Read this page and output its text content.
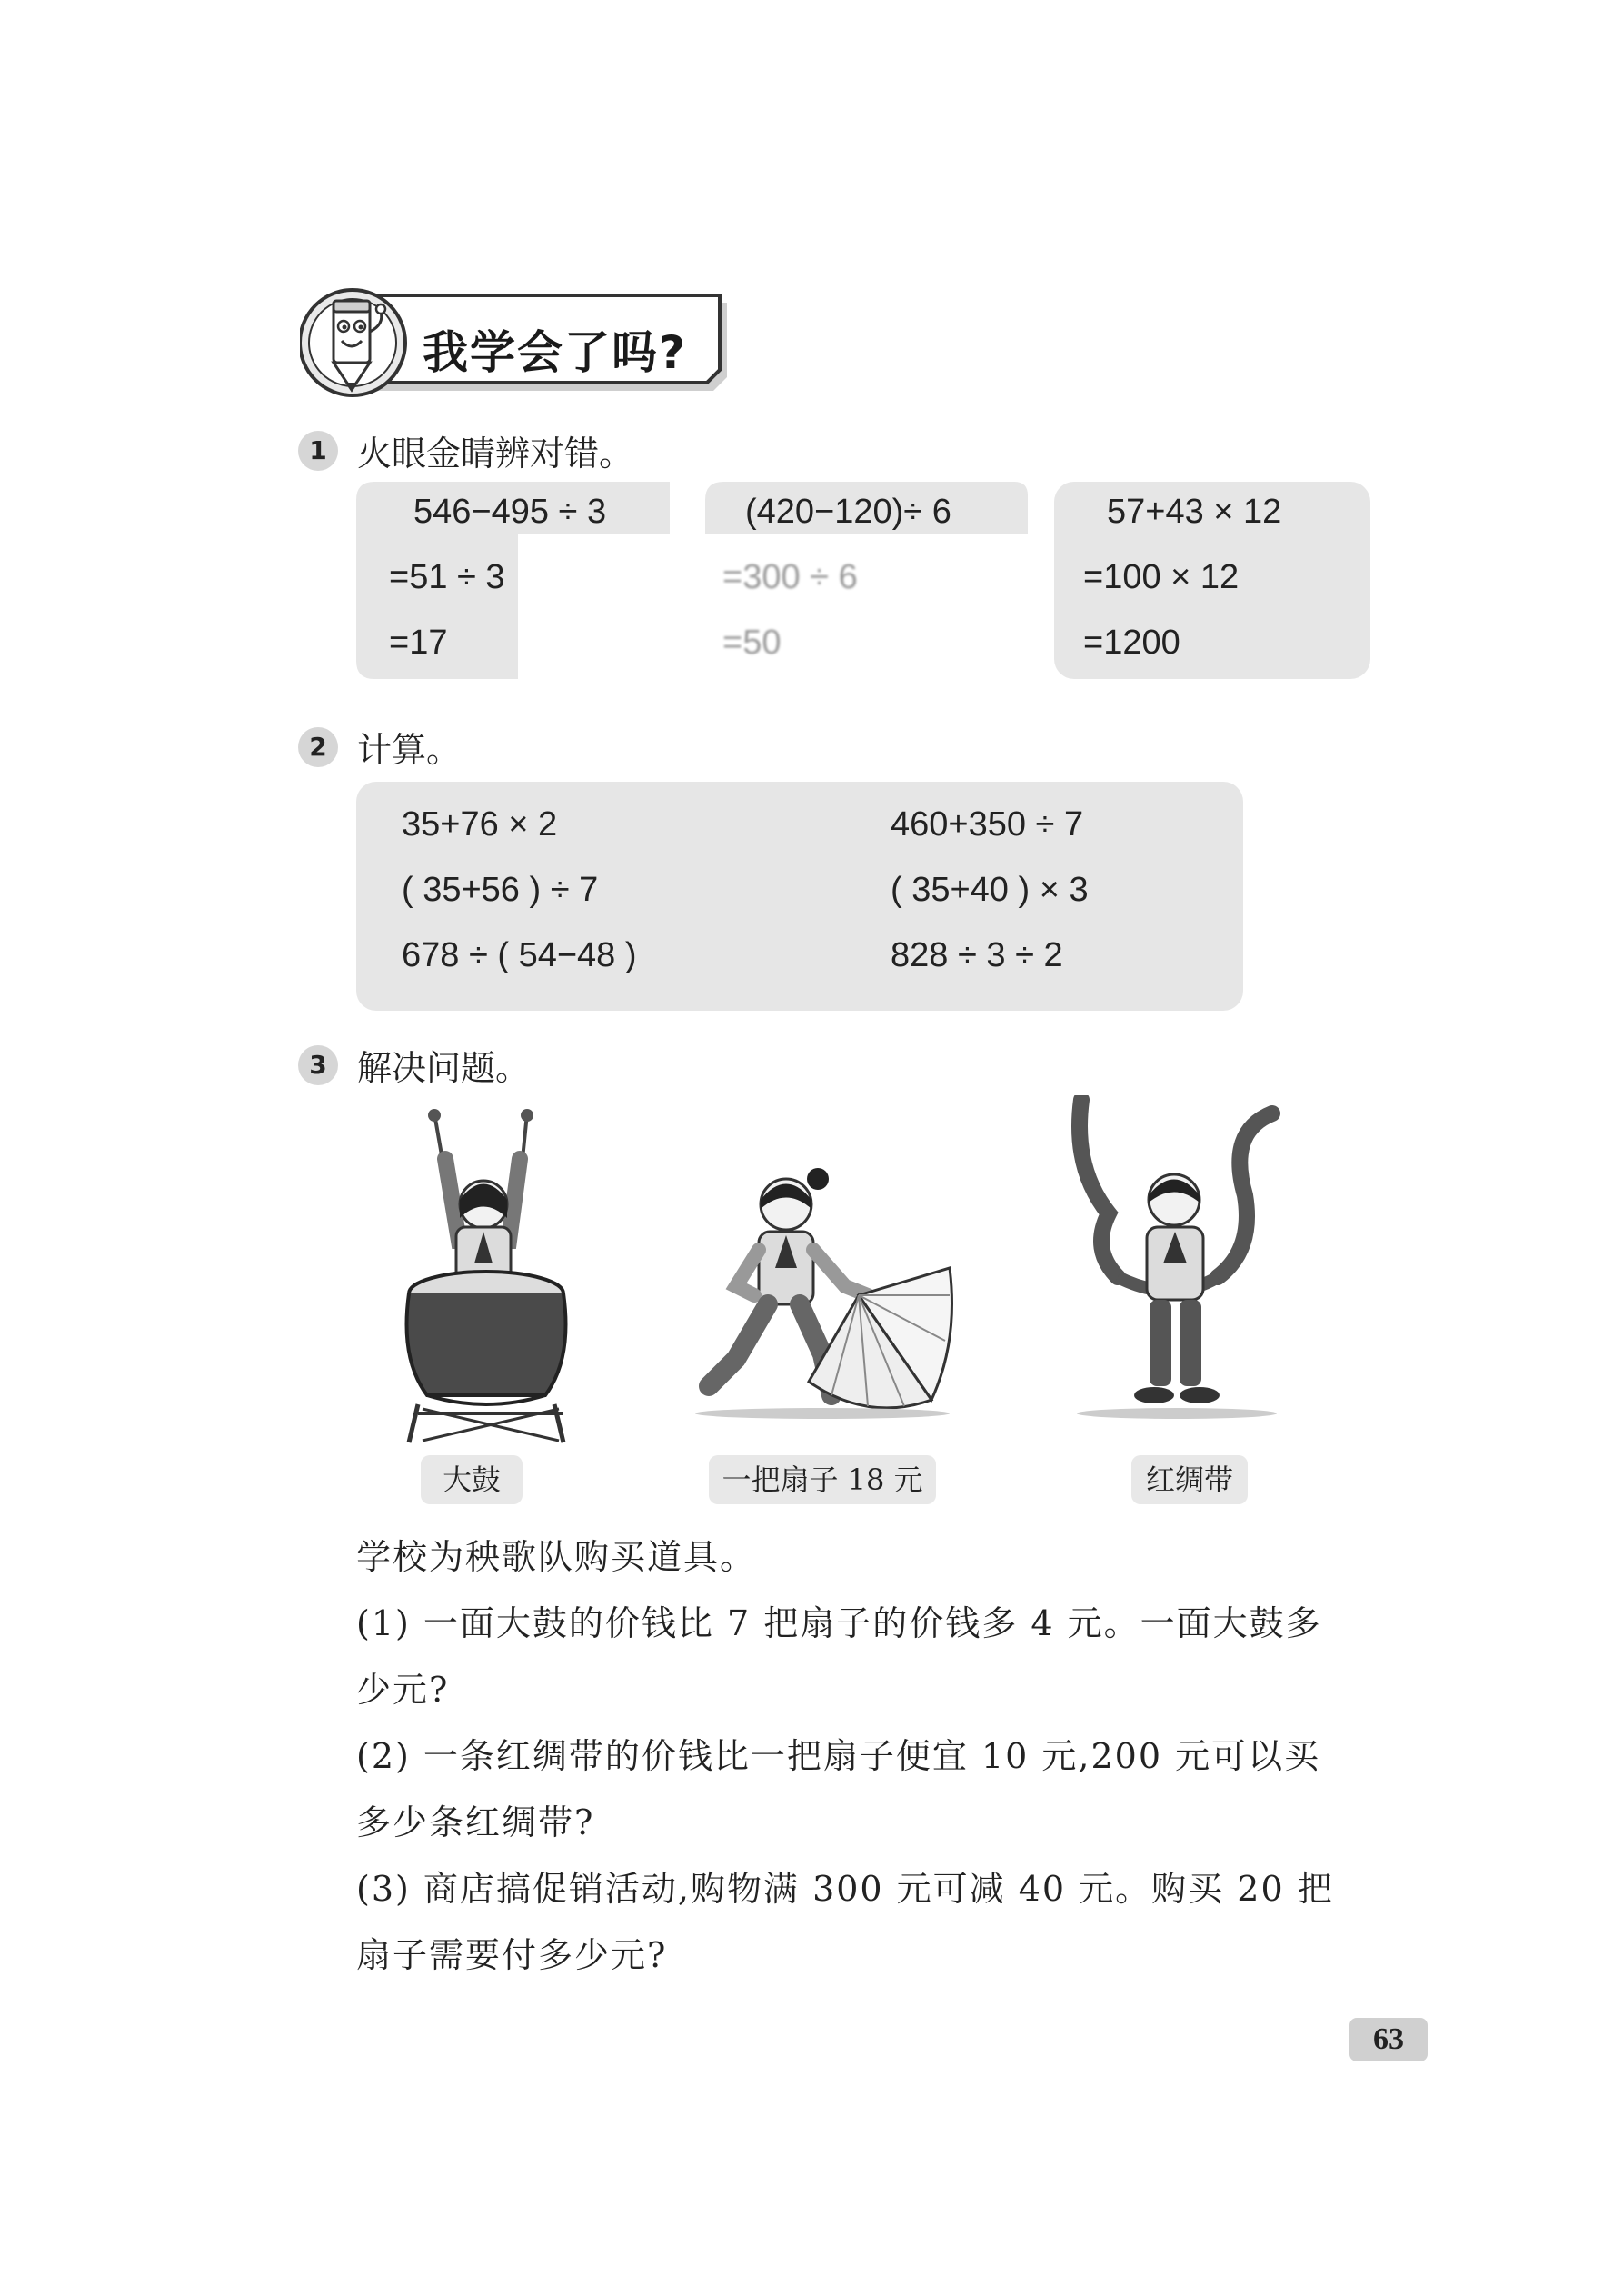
我学会了吗?
1 火眼金睛辨对错。
546−495 ÷ 3
=51 ÷ 3
=17
(420−120)÷ 6
=300 ÷ 6
=50
57+43 × 12
=100 × 12
=1200
2 计算。
35+76 × 2
( 35+56 ) ÷ 7
678 ÷ ( 54−48 )
460+350 ÷ 7
( 35+40 ) × 3
828 ÷ 3 ÷ 2
3 解决问题。
大鼓	一把扇子 18 元	红绸带
学校为秧歌队购买道具。
(1) 一面大鼓的价钱比 7 把扇子的价钱多 4 元。一面大鼓多
少元?
(2) 一条红绸带的价钱比一把扇子便宜 10 元,200 元可以买
多少条红绸带?
(3) 商店搞促销活动,购物满 300 元可减 40 元。购买 20 把
扇子需要付多少元?
63
